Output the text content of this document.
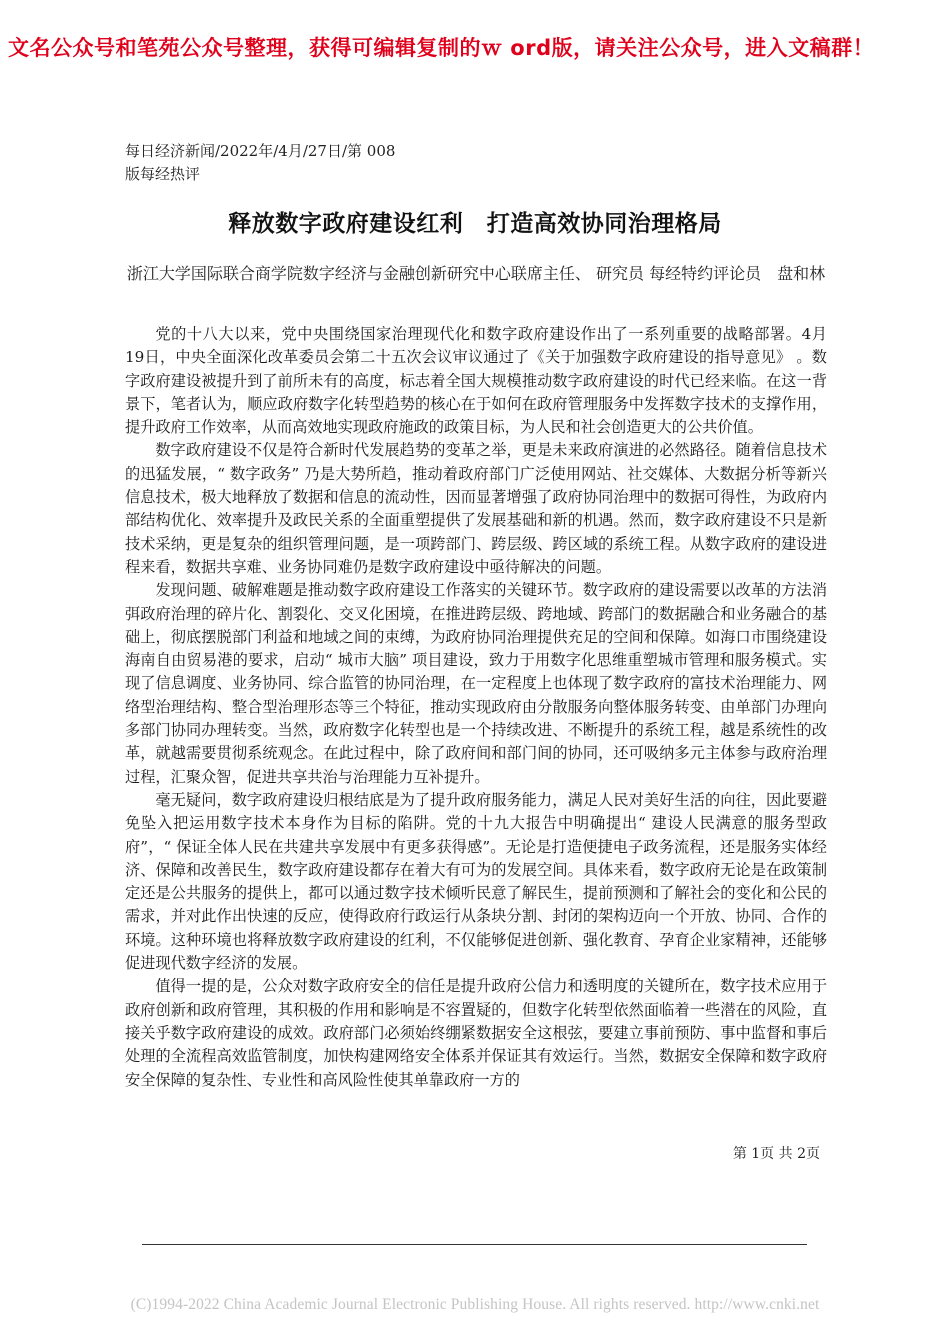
文名公众号和笔苑公众号整理，获得可编辑复制的ｗ ord版，请关注公众号，进入文稿群！
每日经济新闻/2022年/4月/27日/第 008
版每经热评
释放数字政府建设红利　打造高效协同治理格局
浙江大学国际联合商学院数字经济与金融创新研究中心联席主任、 研究员 每经特约评论员　盘和林

党的十八大以来，党中央围绕国家治理现代化和数字政府建设作出了一系列重要的战略部署。4月 19日，中央全面深化改革委员会第二十五次会议审议通过了《关于加强数字政府建设的指导意见》 。数字政府建设被提升到了前所未有的高度，标志着全国大规模推动数字政府建设的时代已经来临。在这一背景下，笔者认为，顺应政府数字化转型趋势的核心在于如何在政府管理服务中发挥数字技术的支撑作用，提升政府工作效率，从而高效地实现政府施政的政策目标，为人民和社会创造更大的公共价值。

数字政府建设不仅是符合新时代发展趋势的变革之举，更是未来政府演进的必然路径。随着信息技术的迅猛发展，“ 数字政务” 乃是大势所趋，推动着政府部门广泛使用网站、社交媒体、大数据分析等新兴信息技术，极大地释放了数据和信息的流动性，因而显著增强了政府协同治理中的数据可得性，为政府内部结构优化、效率提升及政民关系的全面重塑提供了发展基础和新的机遇。然而，数字政府建设不只是新技术采纳，更是复杂的组织管理问题，是一项跨部门、跨层级、跨区域的系统工程。从数字政府的建设进程来看，数据共享难、业务协同难仍是数字政府建设中亟待解决的问题。

发现问题、破解难题是推动数字政府建设工作落实的关键环节。数字政府的建设需要以改革的方法消弭政府治理的碎片化、割裂化、交叉化困境，在推进跨层级、跨地域、跨部门的数据融合和业务融合的基础上，彻底摆脱部门利益和地域之间的束缚，为政府协同治理提供充足的空间和保障。如海口市围绕建设海南自由贸易港的要求，启动“ 城市大脑” 项目建设，致力于用数字化思维重塑城市管理和服务模式。实现了信息调度、业务协同、综合监管的协同治理，在一定程度上也体现了数字政府的富技术治理能力、网络型治理结构、整合型治理形态等三个特征，推动实现政府由分散服务向整体服务转变、由单部门办理向多部门协同办理转变。当然，政府数字化转型也是一个持续改进、不断提升的系统工程，越是系统性的改革，就越需要贯彻系统观念。在此过程中，除了政府间和部门间的协同，还可吸纳多元主体参与政府治理过程，汇聚众智，促进共享共治与治理能力互补提升。

毫无疑问，数字政府建设归根结底是为了提升政府服务能力，满足人民对美好生活的向往，因此要避免坠入把运用数字技术本身作为目标的陷阱。党的十九大报告中明确提出“ 建设人民满意的服务型政府”，“ 保证全体人民在共建共享发展中有更多获得感”。无论是打造便捷电子政务流程，还是服务实体经济、保障和改善民生，数字政府建设都存在着大有可为的发展空间。具体来看，数字政府无论是在政策制定还是公共服务的提供上，都可以通过数字技术倾听民意了解民生，提前预测和了解社会的变化和公民的需求，并对此作出快速的反应，使得政府行政运行从条块分割、封闭的架构迈向一个开放、协同、合作的环境。这种环境也将释放数字政府建设的红利，不仅能够促进创新、强化教育、孕育企业家精神，还能够促进现代数字经济的发展。

值得一提的是，公众对数字政府安全的信任是提升政府公信力和透明度的关键所在，数字技术应用于政府创新和政府管理，其积极的作用和影响是不容置疑的，但数字化转型依然面临着一些潜在的风险，直接关乎数字政府建设的成效。政府部门必须始终绷紧数据安全这根弦，要建立事前预防、事中监督和事后处理的全流程高效监管制度，加快构建网络安全体系并保证其有效运行。当然，数据安全保障和数字政府安全保障的复杂性、专业性和高风险性使其单靠政府一方的

第 1页 共 2页
(C)1994-2022 China Academic Journal Electronic Publishing House. All rights reserved. http://www.cnki.net
